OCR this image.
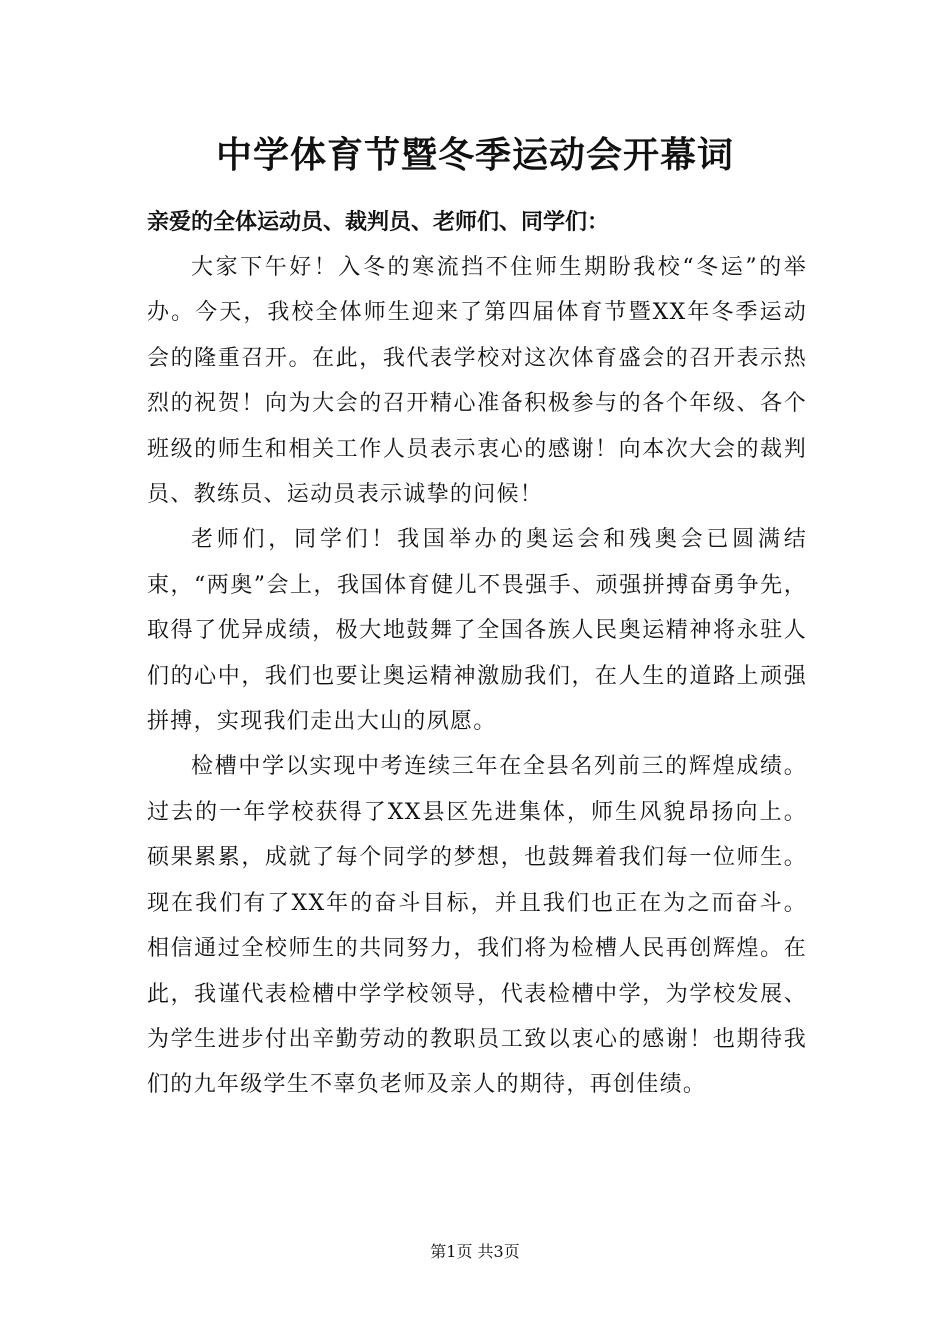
中学体育节暨冬季运动会开幕词

亲爱的全体运动员、裁判员、老师们、同学们：

大家下午好！入冬的寒流挡不住师生期盼我校“冬运”的举办。今天，我校全体师生迎来了第四届体育节暨XX年冬季运动会的隆重召开。在此，我代表学校对这次体育盛会的召开表示热烈的祝贺！向为大会的召开精心准备积极参与的各个年级、各个班级的师生和相关工作人员表示衷心的感谢！向本次大会的裁判员、教练员、运动员表示诚挚的问候！

老师们，同学们！我国举办的奥运会和残奥会已圆满结束，“两奥”会上，我国体育健儿不畏强手、顽强拼搏奋勇争先，取得了优异成绩，极大地鼓舞了全国各族人民奥运精神将永驻人们的心中，我们也要让奥运精神激励我们，在人生的道路上顽强拼搏，实现我们走出大山的夙愿。

检槽中学以实现中考连续三年在全县名列前三的辉煌成绩。过去的一年学校获得了XX县区先进集体，师生风貌昂扬向上。硕果累累，成就了每个同学的梦想，也鼓舞着我们每一位师生。现在我们有了XX年的奋斗目标，并且我们也正在为之而奋斗。相信通过全校师生的共同努力，我们将为检槽人民再创辉煌。在此，我谨代表检槽中学学校领导，代表检槽中学，为学校发展、为学生进步付出辛勤劳动的教职员工致以衷心的感谢！也期待我们的九年级学生不辜负老师及亲人的期待，再创佳绩。

第1页 共3页
